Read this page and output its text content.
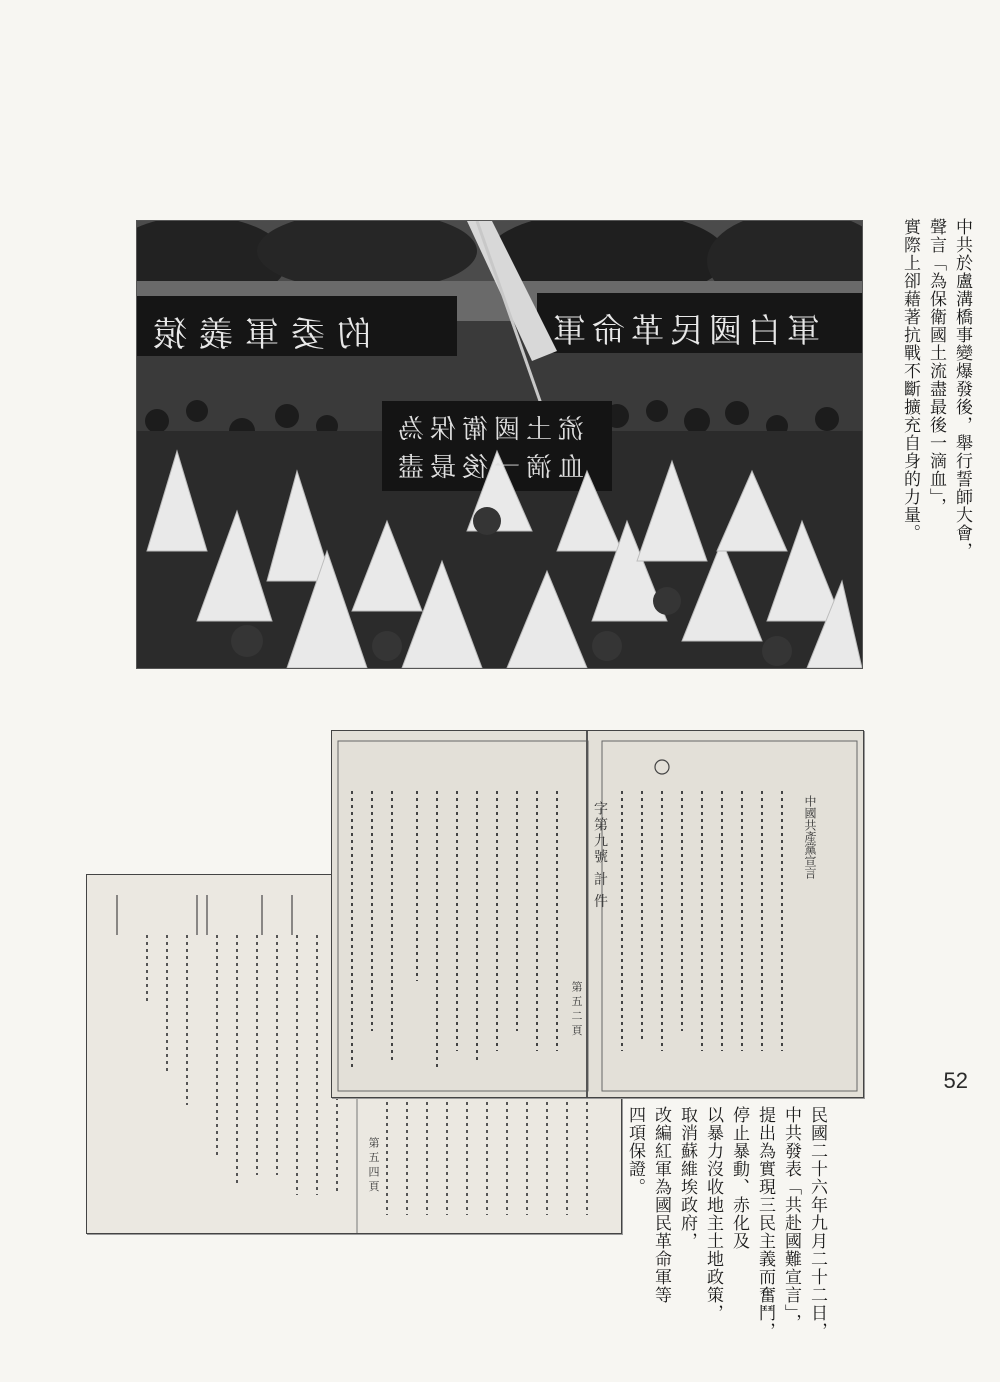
的委軍義猿	軍白國民革命軍
流土國衛保為
血滴一後最盡	中共於盧溝橋事變爆發後，舉行誓師大會，

聲言「為保衛國土流盡最後一滴血」，

實際上卻藉著抗戰不斷擴充自身的力量。

第 五 四 頁
字第九號 計 件
第 五 二 頁
中國共產黨宣言

民國二十六年九月二十二日，

中共發表「共赴國難宣言」，

提出為實現三民主義而奮鬥，

停止暴動、赤化及

以暴力沒收地主土地政策，

取消蘇維埃政府，

改編紅軍為國民革命軍等

四項保證。

52
